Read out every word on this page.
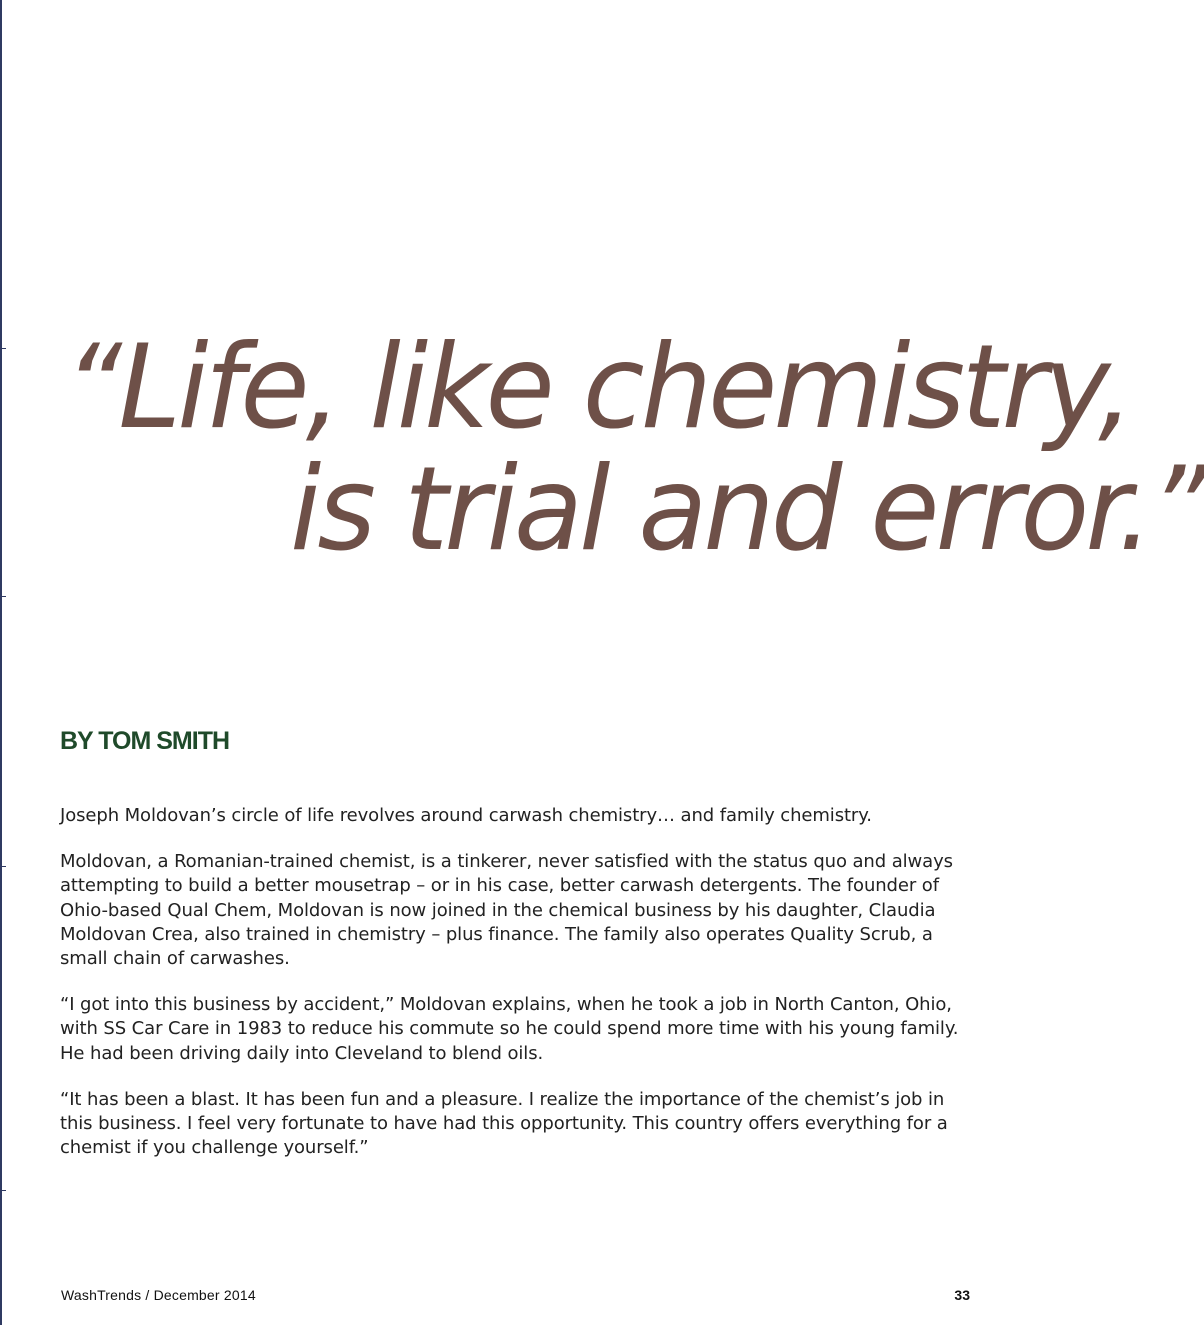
“Life, like chemistry,
is trial and error.”
BY TOM SMITH

Joseph Moldovan’s circle of life revolves around carwash chemistry… and family chemistry.

Moldovan, a Romanian-trained chemist, is a tinkerer, never satisfied with the status quo and always attempting to build a better mousetrap – or in his case, better carwash detergents. The founder of Ohio-based Qual Chem, Moldovan is now joined in the chemical business by his daughter, Claudia Moldovan Crea, also trained in chemistry – plus finance. The family also operates Quality Scrub, a small chain of carwashes.

“I got into this business by accident,” Moldovan explains, when he took a job in North Canton, Ohio, with SS Car Care in 1983 to reduce his commute so he could spend more time with his young family. He had been driving daily into Cleveland to blend oils.

“It has been a blast. It has been fun and a pleasure. I realize the importance of the chemist’s job in this business. I feel very fortunate to have had this opportunity. This country offers everything for a chemist if you challenge yourself.”

WashTrends / December 2014	33
